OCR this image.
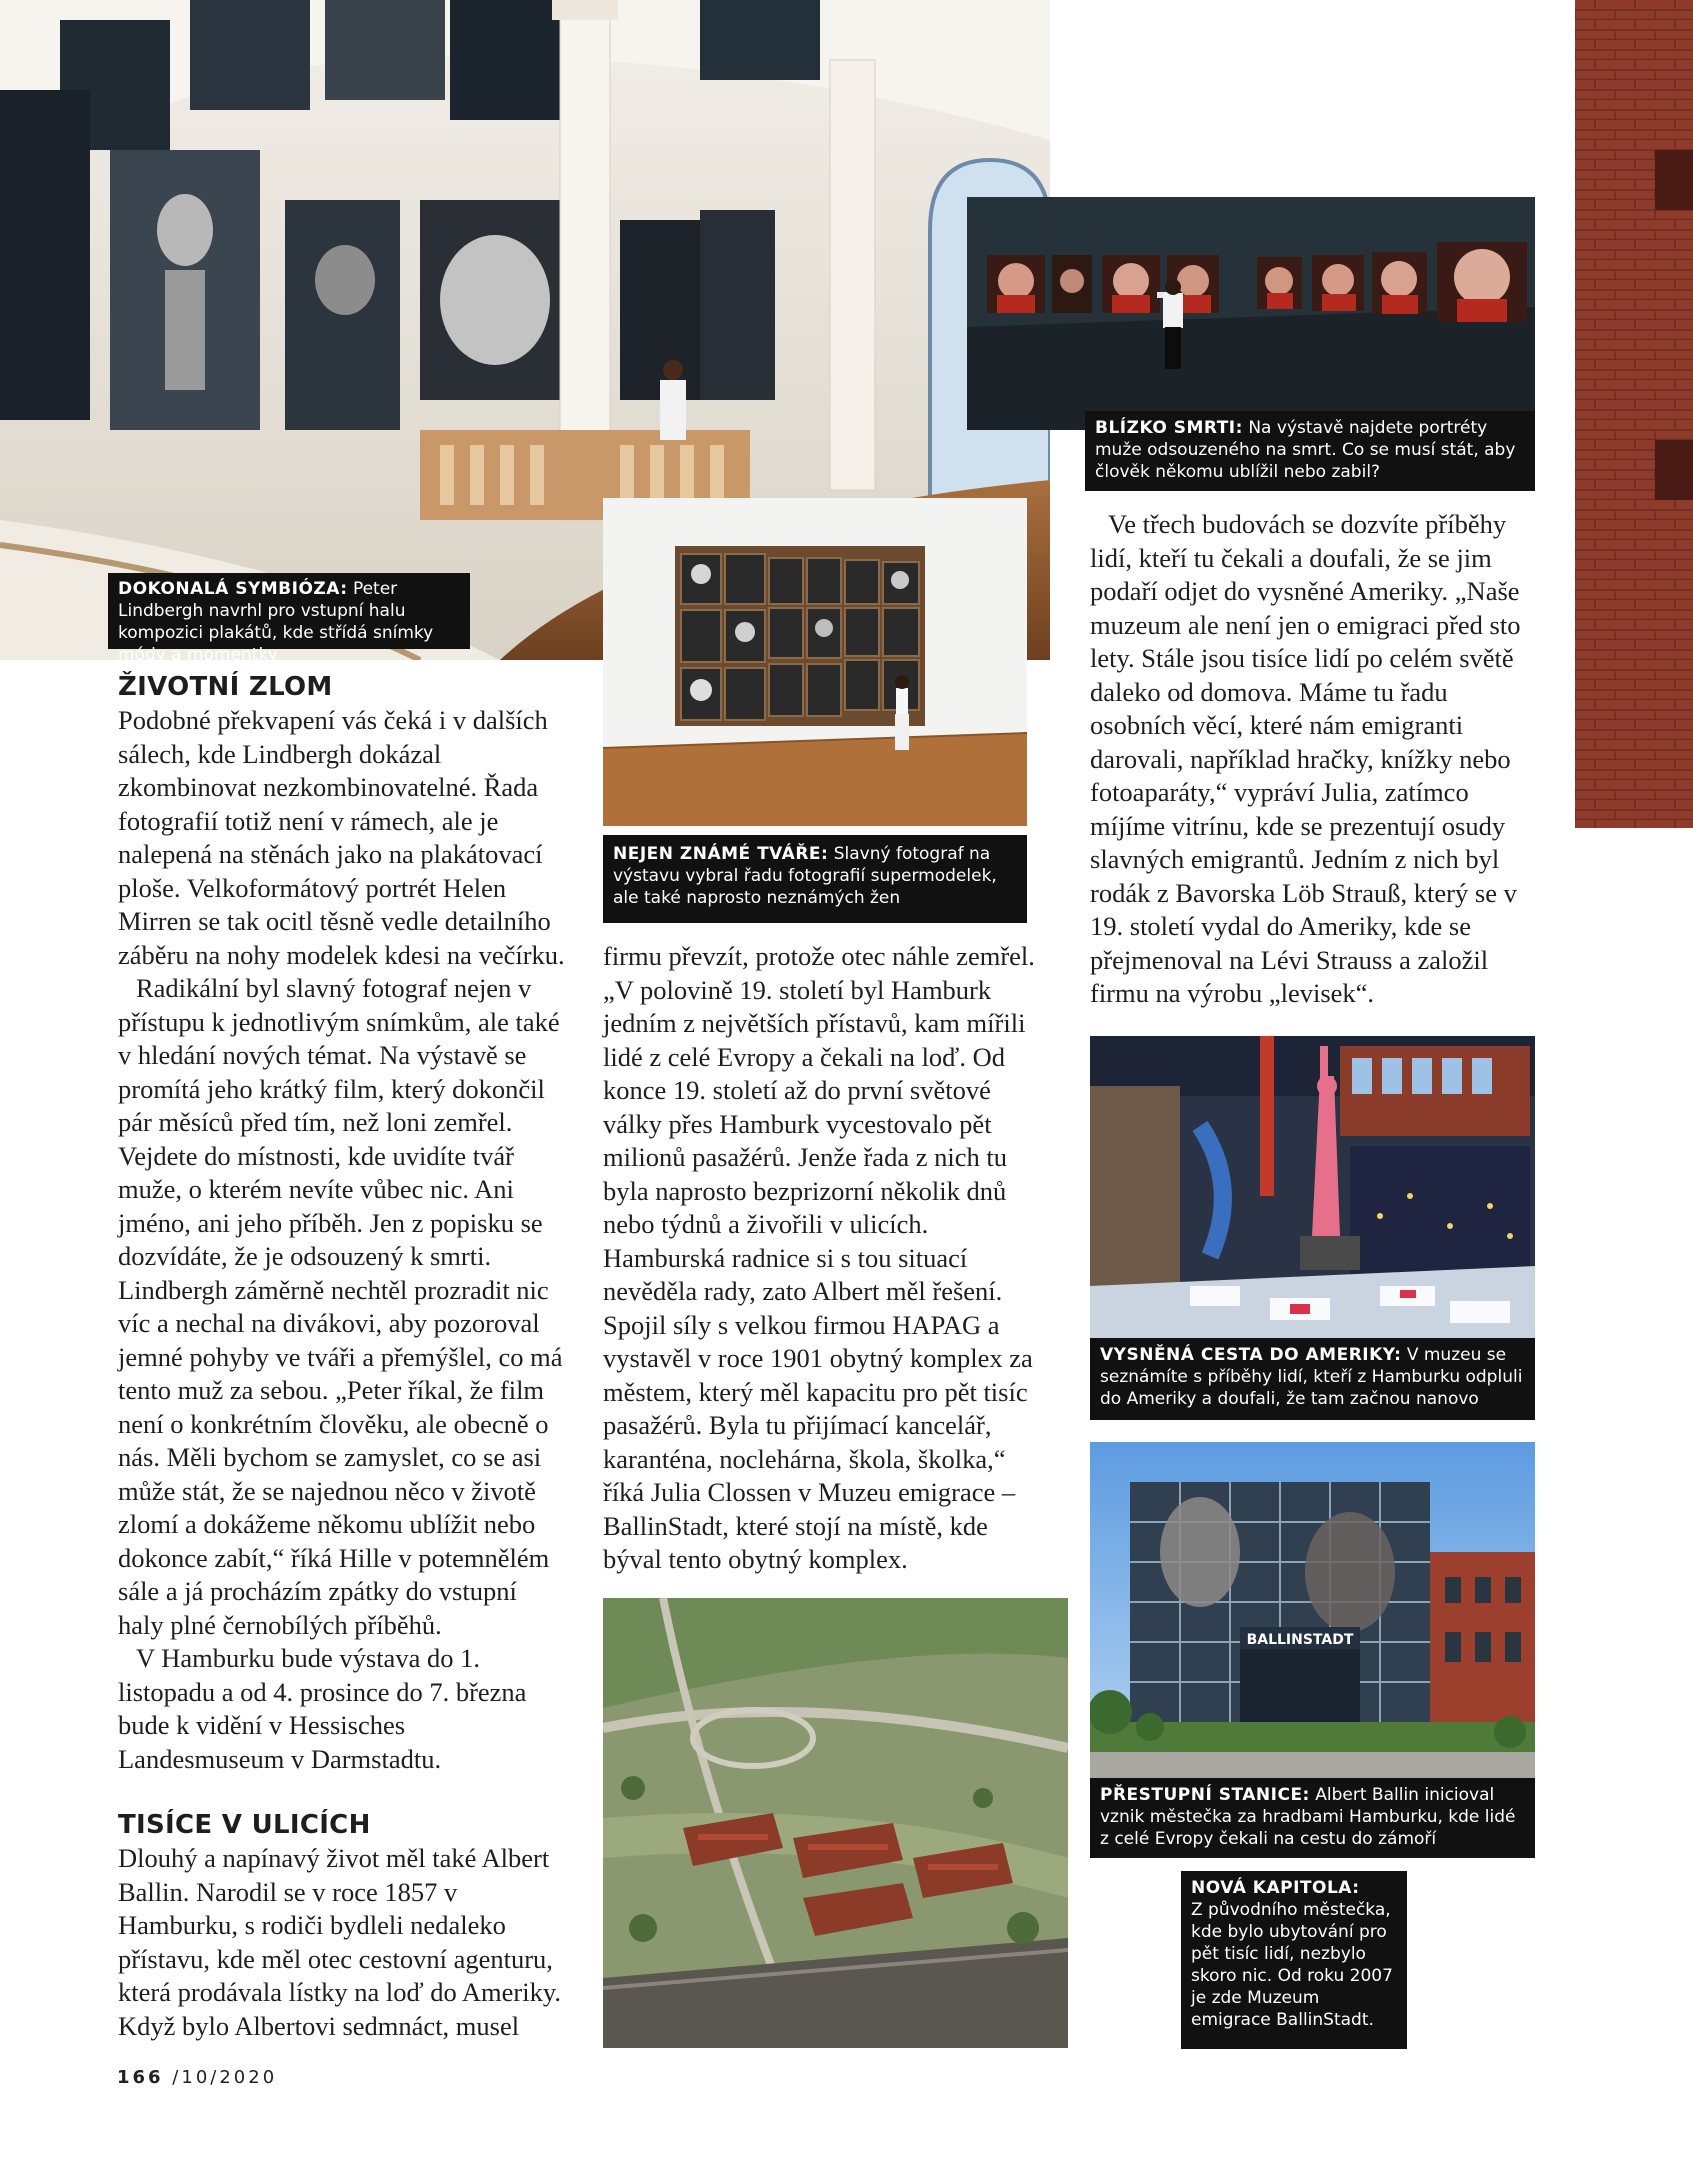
DOKONALÁ SYMBIÓZA: Peter Lindbergh navrhl pro vstupní halu kompozici plakátů, kde střídá snímky módy a momentky
BLÍZKO SMRTI: Na výstavě najdete portréty muže odsouzeného na smrt. Co se musí stát, aby člověk někomu ublížil nebo zabil?
NEJEN ZNÁMÉ TVÁŘE: Slavný fotograf na výstavu vybral řadu fotografií supermodelek, ale také naprosto neznámých žen
VYSNĚNÁ CESTA DO AMERIKY: V muzeu se seznámíte s příběhy lidí, kteří z Hamburku odpluli do Ameriky a doufali, že tam začnou nanovo
BALLINSTADT
PŘESTUPNÍ STANICE: Albert Ballin inicioval vznik městečka za hradbami Hamburku, kde lidé z celé Evropy čekali na cestu do zámoří
NOVÁ KAPITOLA:
Z původního městečka, kde bylo ubytování pro pět tisíc lidí, nezbylo skoro nic. Od roku 2007 je zde Muzeum emigrace BallinStadt.
ŽIVOTNÍ ZLOM

Podobné překvapení vás čeká i v dalších sálech, kde Lindbergh dokázal zkombinovat nezkombinovatelné. Řada fotografií totiž není v rámech, ale je nalepená na stěnách jako na plakátovací ploše. Velkoformátový portrét Helen Mirren se tak ocitl těsně vedle detailního záběru na nohy modelek kdesi na večírku.

Radikální byl slavný fotograf nejen v přístupu k jednotlivým snímkům, ale také v hledání nových témat. Na výstavě se promítá jeho krátký film, který dokončil pár měsíců před tím, než loni zemřel. Vejdete do místnosti, kde uvidíte tvář muže, o kterém nevíte vůbec nic. Ani jméno, ani jeho příběh. Jen z popisku se dozvídáte, že je odsouzený k smrti. Lindbergh záměrně nechtěl prozradit nic víc a nechal na divákovi, aby pozoroval jemné pohyby ve tváři a přemýšlel, co má tento muž za sebou. „Peter říkal, že film není o konkrétním člověku, ale obecně o nás. Měli bychom se zamyslet, co se asi může stát, že se najednou něco v životě zlomí a dokážeme někomu ublížit nebo dokonce zabít,“ říká Hille v potemnělém sále a já procházím zpátky do vstupní haly plné černobílých příběhů.

V Hamburku bude výstava do 1. listopadu a od 4. prosince do 7. března bude k vidění v Hessisches Landesmuseum v Darmstadtu.

TISÍCE V ULICÍCH

Dlouhý a napínavý život měl také Albert Ballin. Narodil se v roce 1857 v Hamburku, s rodiči bydleli nedaleko přístavu, kde měl otec cestovní agenturu, která prodávala lístky na loď do Ameriky. Když bylo Albertovi sedmnáct, musel

firmu převzít, protože otec náhle zemřel. „V polovině 19. století byl Hamburk jedním z největších přístavů, kam mířili lidé z celé Evropy a čekali na loď. Od konce 19. století až do první světové války přes Hamburk vycestovalo pět milionů pasažérů. Jenže řada z nich tu byla naprosto bezprizorní několik dnů nebo týdnů a živořili v ulicích. Hamburská radnice si s tou situací nevěděla rady, zato Albert měl řešení. Spojil síly s velkou firmou HAPAG a vystavěl v roce 1901 obytný komplex za městem, který měl kapacitu pro pět tisíc pasažérů. Byla tu přijímací kancelář, karanténa, noclehárna, škola, školka,“ říká Julia Clossen v Muzeu emigrace – BallinStadt, které stojí na místě, kde býval tento obytný komplex.

Ve třech budovách se dozvíte příběhy lidí, kteří tu čekali a doufali, že se jim podaří odjet do vysněné Ameriky. „Naše muzeum ale není jen o emigraci před sto lety. Stále jsou tisíce lidí po celém světě daleko od domova. Máme tu řadu osobních věcí, které nám emigranti darovali, například hračky, knížky nebo fotoaparáty,“ vypráví Julia, zatímco míjíme vitrínu, kde se prezentují osudy slavných emigrantů. Jedním z nich byl rodák z Bavorska Löb Strauß, který se v 19. století vydal do Ameriky, kde se přejmenoval na Lévi Strauss a založil firmu na výrobu „levisek“.

166 /10/2020
